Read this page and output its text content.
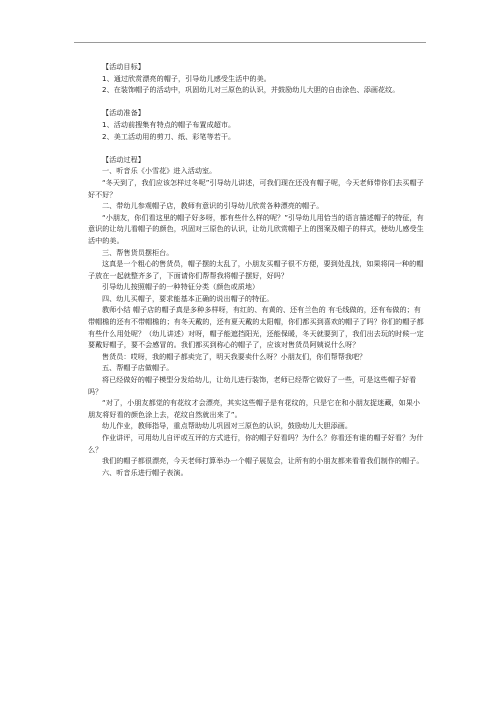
【活动目标】

1、通过欣赏漂亮的帽子，引导幼儿感受生活中的美。

2、在装饰帽子的活动中，巩固幼儿对三原色的认识，并鼓励幼儿大胆的自由涂色、添画花纹。

【活动准备】

1、活动前搜集有特点的帽子布置成超市。

2、美工活动用的剪刀、纸、彩笔等若干。

【活动过程】

一、听音乐《小雪花》进入活动室。

“冬天到了，我们应该怎样过冬呢”引导幼儿讲述，可我们现在还没有帽子呢，今天老师带你们去买帽子好不好？

二、带幼儿参观帽子店，教师有意识的引导幼儿欣赏各种漂亮的帽子。

“小朋友，你们看这里的帽子好多呀，都有些什么样的呢？”引导幼儿用恰当的语言描述帽子的特征，有意识的让幼儿看帽子的颜色，巩固对三原色的认识，让幼儿欣赏帽子上的图案及帽子的样式，使幼儿感受生活中的美。

三、帮售货员摆柜台。

这真是一个粗心的售货员，帽子摆的太乱了，小朋友买帽子很不方便，要到处乱找，如果将同一种的帽子放在一起就整齐多了，下面请你们帮帮我将帽子摆好，好吗？

引导幼儿按照帽子的一种特征分类（颜色或质地）

四、幼儿买帽子，要求能基本正确的说出帽子的特征。

教师小结 帽子店的帽子真是多种多样呀，有红的、有黄的、还有兰色的 有毛线做的，还有布做的；有带帽檐的还有不带帽檐的；有冬天戴的，还有夏天戴的太阳帽，你们都买到喜欢的帽子了吗？你们的帽子都有些什么用处呢？（幼儿讲述）对呀，帽子能遮挡阳光，还能保暖，冬天就要到了，我们出去玩的时候一定要戴好帽子，要不会感冒的。我们都买到称心的帽子了，应该对售货员阿姨说什么呀？

售货员：哎呀，我的帽子都卖完了，明天我要卖什么呀？小朋友们，你们帮帮我吧？

五、帮帽子店做帽子。

将已经做好的帽子模型分发给幼儿，让幼儿进行装饰，老师已经帮它做好了一些，可是这些帽子好看吗？

“对了，小朋友都觉的有花纹才会漂亮，其实这些帽子是有花纹的，只是它在和小朋友捉迷藏，如果小朋友将好看的颜色涂上去，花纹自然就出来了”。

幼儿作业，教师指导，重点帮助幼儿巩固对三原色的认识，鼓励幼儿大胆添画。

作业讲评，可用幼儿自评或互评的方式进行，你的帽子好看吗？为什么？你看还有谁的帽子好看？为什么？

我们的帽子都很漂亮，今天老师打算举办一个帽子展览会，让所有的小朋友都来看看我们制作的帽子。

六、听音乐进行帽子表演。
